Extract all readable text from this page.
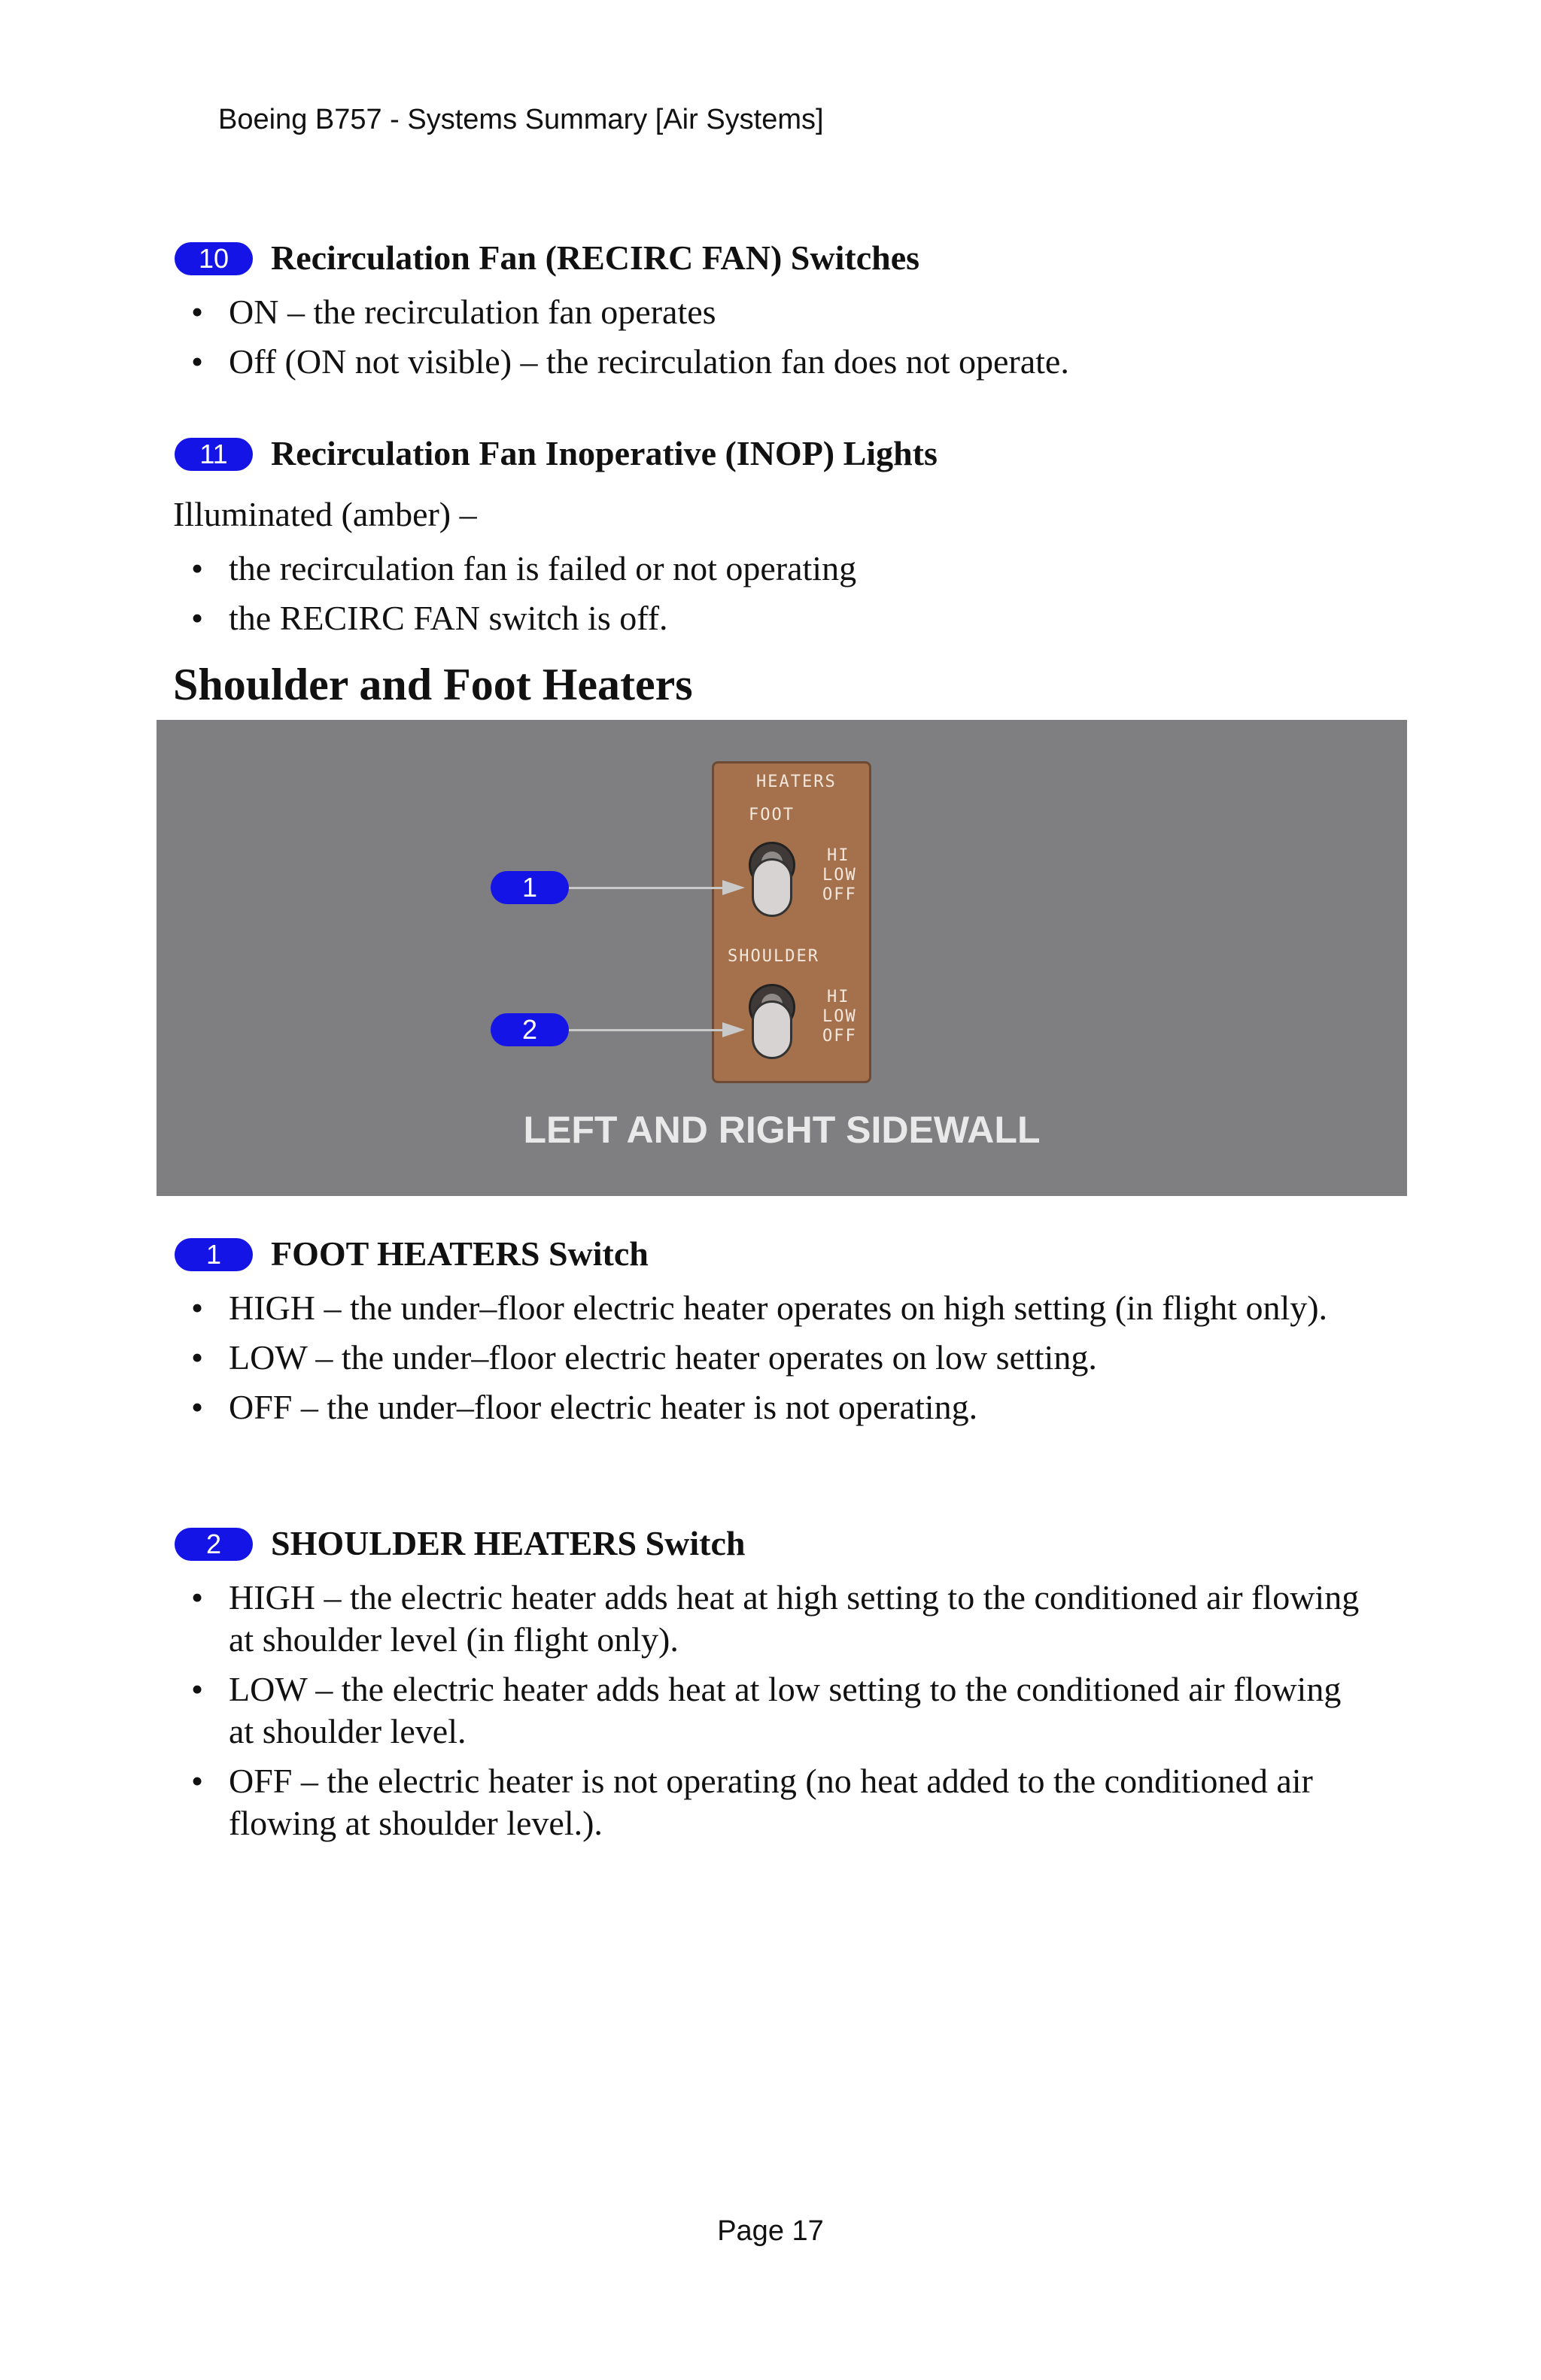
Boeing B757 - Systems Summary [Air Systems]
10	Recirculation Fan (RECIRC FAN) Switches
• ON – the recirculation fan operates
• Off (ON not visible) – the recirculation fan does not operate.
11	Recirculation Fan Inoperative (INOP) Lights
Illuminated (amber) –
• the recirculation fan is failed or not operating
• the RECIRC FAN switch is off.
Shoulder and Foot Heaters
HEATERS
FOOT
HI
LOW
OFF
SHOULDER
HI
LOW
OFF
1
2
LEFT AND RIGHT SIDEWALL
1	FOOT HEATERS Switch
• HIGH – the under–floor electric heater operates on high setting (in flight only).
• LOW – the under–floor electric heater operates on low setting.
• OFF – the under–floor electric heater is not operating.
2	SHOULDER HEATERS Switch
• HIGH – the electric heater adds heat at high setting to the conditioned air flowing at shoulder level (in flight only).
• LOW – the electric heater adds heat at low setting to the conditioned air flowing at shoulder level.
• OFF – the electric heater is not operating (no heat added to the conditioned air flowing at shoulder level.).
Page 17
